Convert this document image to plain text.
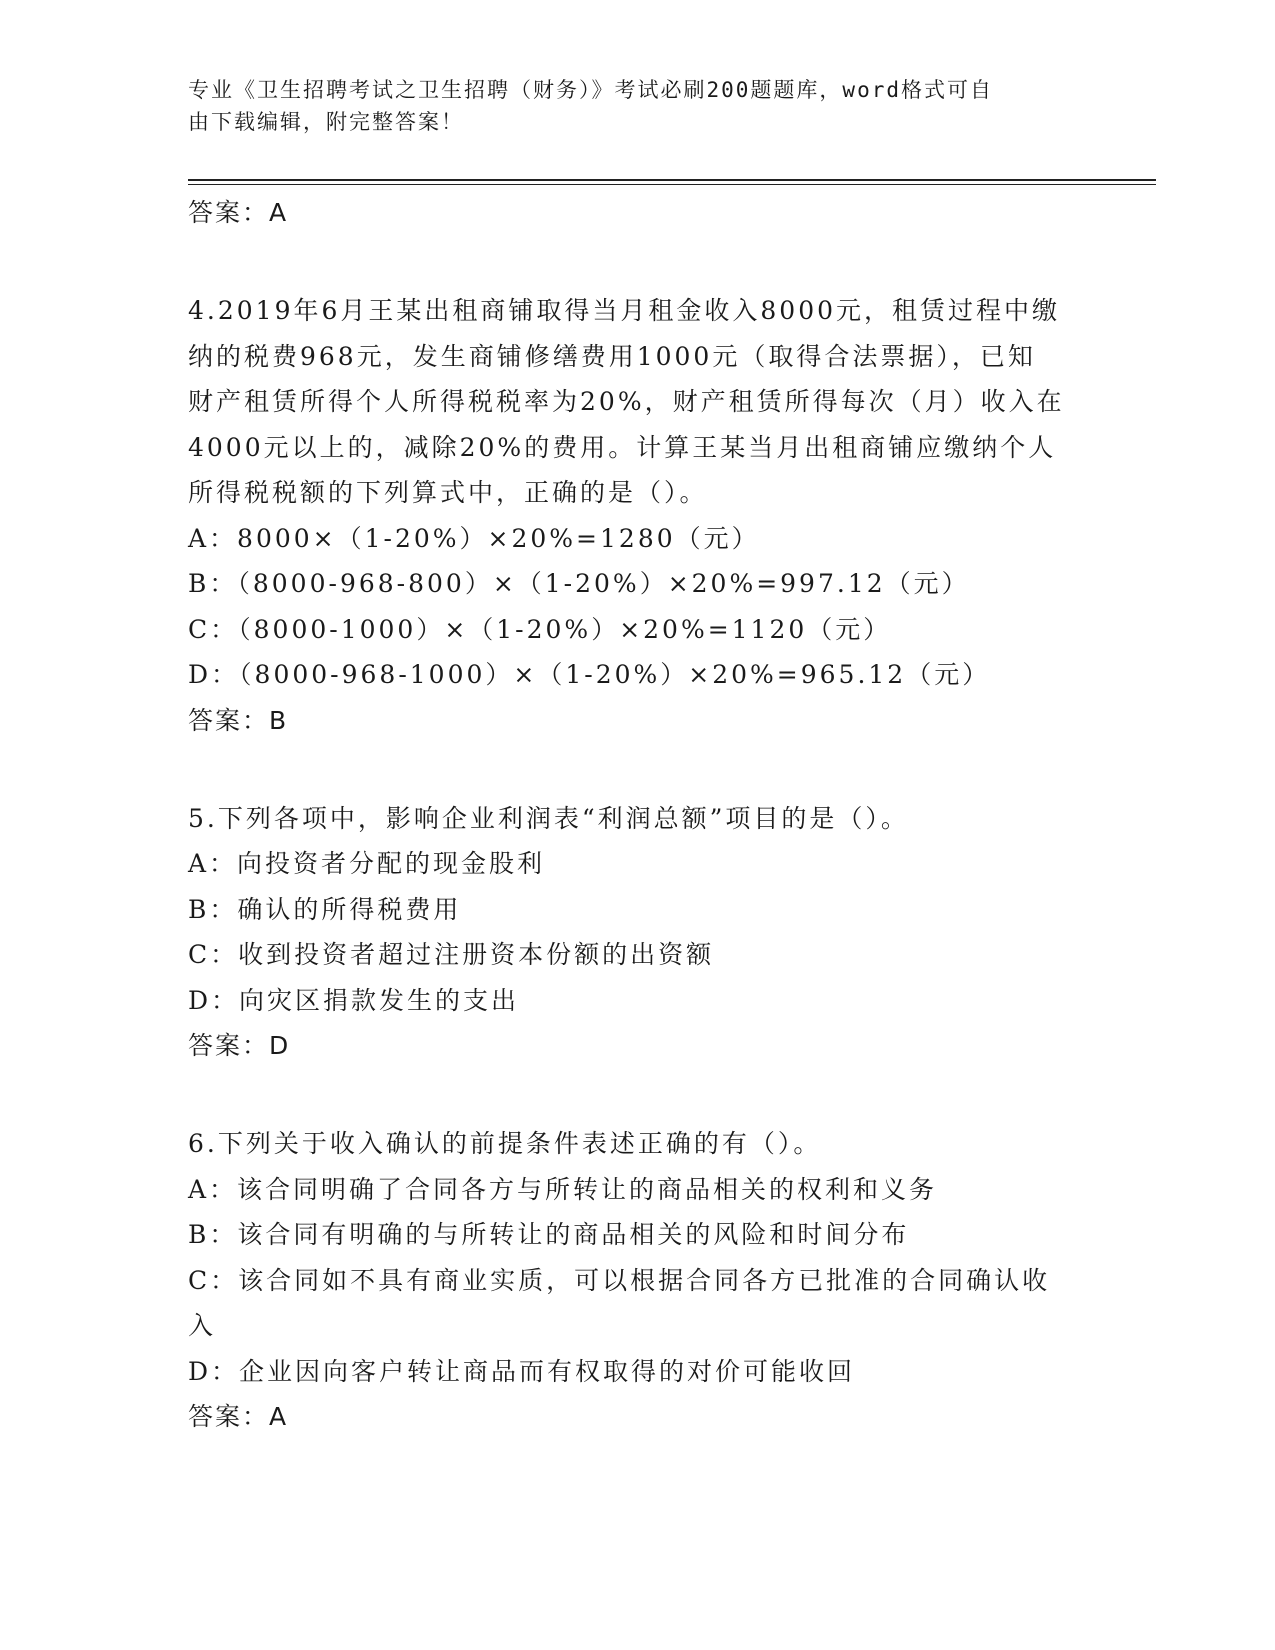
专业《卫生招聘考试之卫生招聘（财务）》考试必刷200题题库，word格式可自
由下载编辑，附完整答案！
答案：A
4.2019年6月王某出租商铺取得当月租金收入8000元，租赁过程中缴
纳的税费968元，发生商铺修缮费用1000元（取得合法票据），已知
财产租赁所得个人所得税税率为20%，财产租赁所得每次（月）收入在
4000元以上的，减除20%的费用。计算王某当月出租商铺应缴纳个人
所得税税额的下列算式中，正确的是（）。
A：8000×（1-20%）×20%=1280（元）
B：（8000-968-800）×（1-20%）×20%=997.12（元）
C：（8000-1000）×（1-20%）×20%=1120（元）
D：（8000-968-1000）×（1-20%）×20%=965.12（元）
答案：B
5.下列各项中，影响企业利润表“利润总额”项目的是（）。
A：向投资者分配的现金股利
B：确认的所得税费用
C：收到投资者超过注册资本份额的出资额
D：向灾区捐款发生的支出
答案：D
6.下列关于收入确认的前提条件表述正确的有（）。
A：该合同明确了合同各方与所转让的商品相关的权利和义务
B：该合同有明确的与所转让的商品相关的风险和时间分布
C：该合同如不具有商业实质，可以根据合同各方已批准的合同确认收
入
D：企业因向客户转让商品而有权取得的对价可能收回
答案：A
